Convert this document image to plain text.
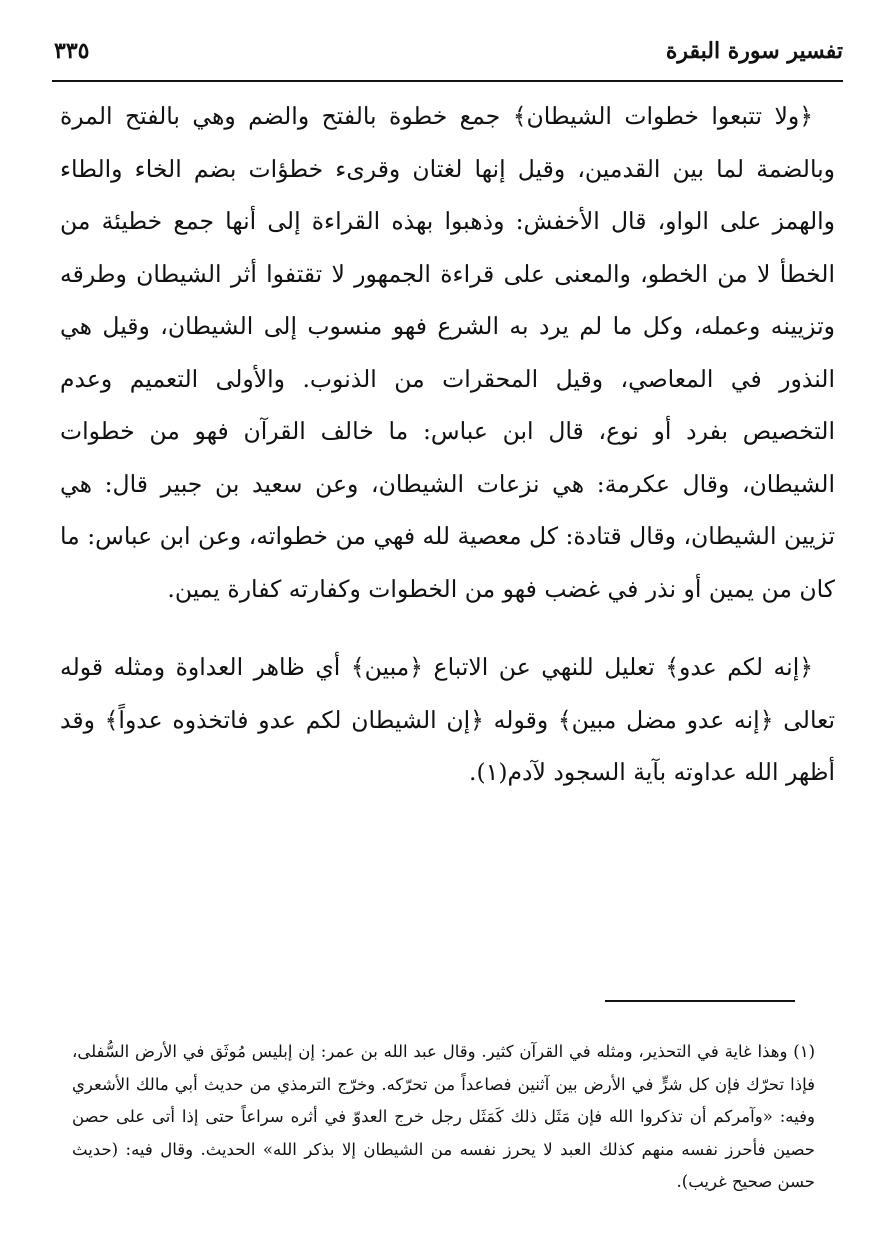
تفسير سورة البقرة
٣٣٥

﴿ولا تتبعوا خطوات الشيطان﴾ جمع خطوة بالفتح والضم وهي بالفتح المرة وبالضمة لما بين القدمين، وقيل إنها لغتان وقرىء خطؤات بضم الخاء والطاء والهمز على الواو، قال الأخفش: وذهبوا بهذه القراءة إلى أنها جمع خطيئة من الخطأ لا من الخطو، والمعنى على قراءة الجمهور لا تقتفوا أثر الشيطان وطرقه وتزيينه وعمله، وكل ما لم يرد به الشرع فهو منسوب إلى الشيطان، وقيل هي النذور في المعاصي، وقيل المحقرات من الذنوب. والأولى التعميم وعدم التخصيص بفرد أو نوع، قال ابن عباس: ما خالف القرآن فهو من خطوات الشيطان، وقال عكرمة: هي نزعات الشيطان، وعن سعيد بن جبير قال: هي تزيين الشيطان، وقال قتادة: كل معصية لله فهي من خطواته، وعن ابن عباس: ما كان من يمين أو نذر في غضب فهو من الخطوات وكفارته كفارة يمين.

﴿إنه لكم عدو﴾ تعليل للنهي عن الاتباع ﴿مبين﴾ أي ظاهر العداوة ومثله قوله تعالى ﴿إنه عدو مضل مبين﴾ وقوله ﴿إن الشيطان لكم عدو فاتخذوه عدواً﴾ وقد أظهر الله عداوته بآية السجود لآدم(١).

(١) وهذا غاية في التحذير، ومثله في القرآن كثير. وقال عبد الله بن عمر: إن إبليس مُوثَق في الأرض السُّفلى، فإذا تحرّك فإن كل شرٍّ في الأرض بين آثنين فصاعداً من تحرّكه. وخرّج الترمذي من حديث أبي مالك الأشعري وفيه: «وآمركم أن تذكروا الله فإن مَثَل ذلك كَمَثَل رجل خرج العدوّ في أثره سراعاً حتى إذا أتى على حصن حصين فأحرز نفسه منهم كذلك العبد لا يحرز نفسه من الشيطان إلا بذكر الله» الحديث. وقال فيه: (حديث حسن صحيح غريب).
